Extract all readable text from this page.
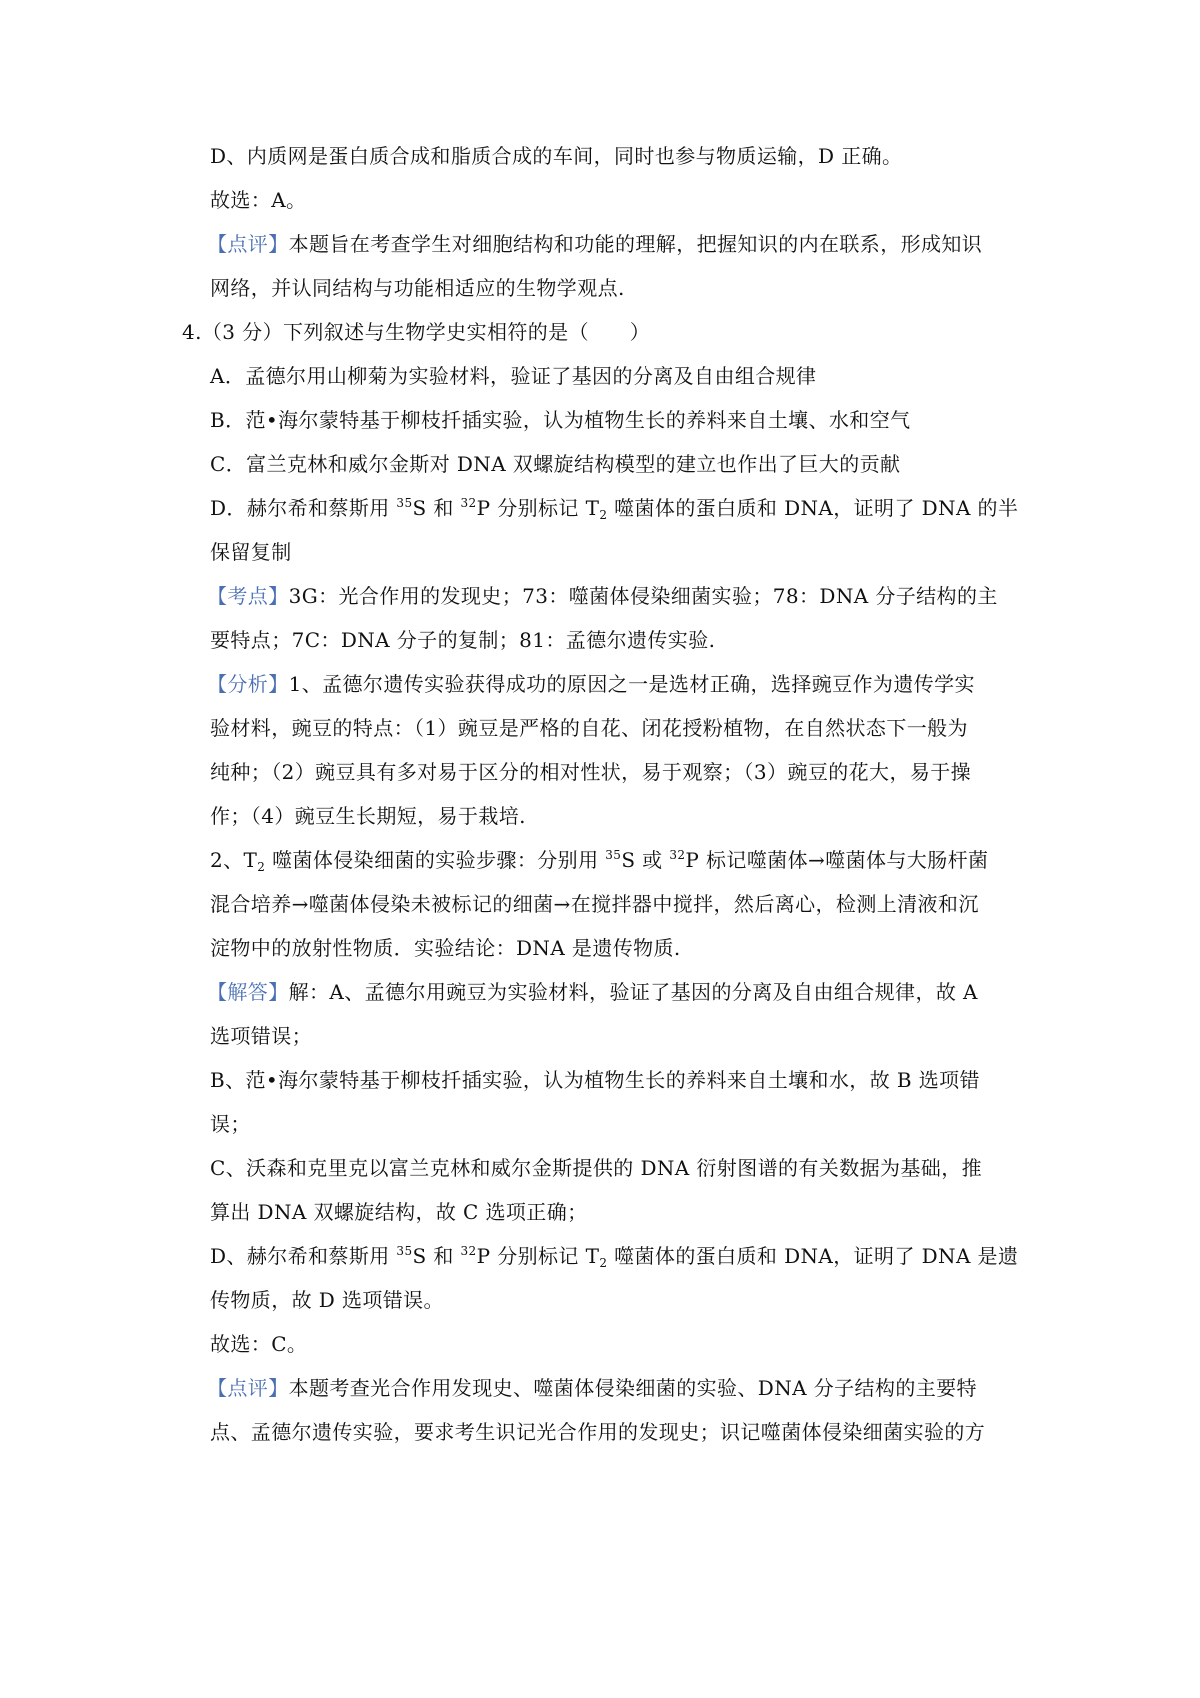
D、内质网是蛋白质合成和脂质合成的车间，同时也参与物质运输，D 正确。
故选：A。
【点评】本题旨在考查学生对细胞结构和功能的理解，把握知识的内在联系，形成知识
网络，并认同结构与功能相适应的生物学观点.
4.（3 分）下列叙述与生物学史实相符的是（　　）
A．孟德尔用山柳菊为实验材料，验证了基因的分离及自由组合规律
B．范•海尔蒙特基于柳枝扦插实验，认为植物生长的养料来自土壤、水和空气
C．富兰克林和威尔金斯对 DNA 双螺旋结构模型的建立也作出了巨大的贡献
D．赫尔希和蔡斯用 $^{35}$S 和 $^{32}$P 分别标记 $T_2$ 噬菌体的蛋白质和 DNA，证明了 DNA 的半
保留复制
【考点】3G：光合作用的发现史；73：噬菌体侵染细菌实验；78：DNA 分子结构的主
要特点；7C：DNA 分子的复制；81：孟德尔遗传实验.
【分析】1、孟德尔遗传实验获得成功的原因之一是选材正确，选择豌豆作为遗传学实
验材料，豌豆的特点：（1）豌豆是严格的自花、闭花授粉植物，在自然状态下一般为
纯种；（2）豌豆具有多对易于区分的相对性状，易于观察；（3）豌豆的花大，易于操
作；（4）豌豆生长期短，易于栽培.
2、$T_2$ 噬菌体侵染细菌的实验步骤：分别用 $^{35}$S 或 $^{32}$P 标记噬菌体→噬菌体与大肠杆菌
混合培养→噬菌体侵染未被标记的细菌→在搅拌器中搅拌，然后离心，检测上清液和沉
淀物中的放射性物质．实验结论：DNA 是遗传物质.
【解答】解：A、孟德尔用豌豆为实验材料，验证了基因的分离及自由组合规律，故 A
选项错误；
B、范•海尔蒙特基于柳枝扦插实验，认为植物生长的养料来自土壤和水，故 B 选项错
误；
C、沃森和克里克以富兰克林和威尔金斯提供的 DNA 衍射图谱的有关数据为基础，推
算出 DNA 双螺旋结构，故 C 选项正确；
D、赫尔希和蔡斯用 $^{35}$S 和 $^{32}$P 分别标记 $T_2$ 噬菌体的蛋白质和 DNA，证明了 DNA 是遗
传物质，故 D 选项错误。
故选：C。
【点评】本题考查光合作用发现史、噬菌体侵染细菌的实验、DNA 分子结构的主要特
点、孟德尔遗传实验，要求考生识记光合作用的发现史；识记噬菌体侵染细菌实验的方
